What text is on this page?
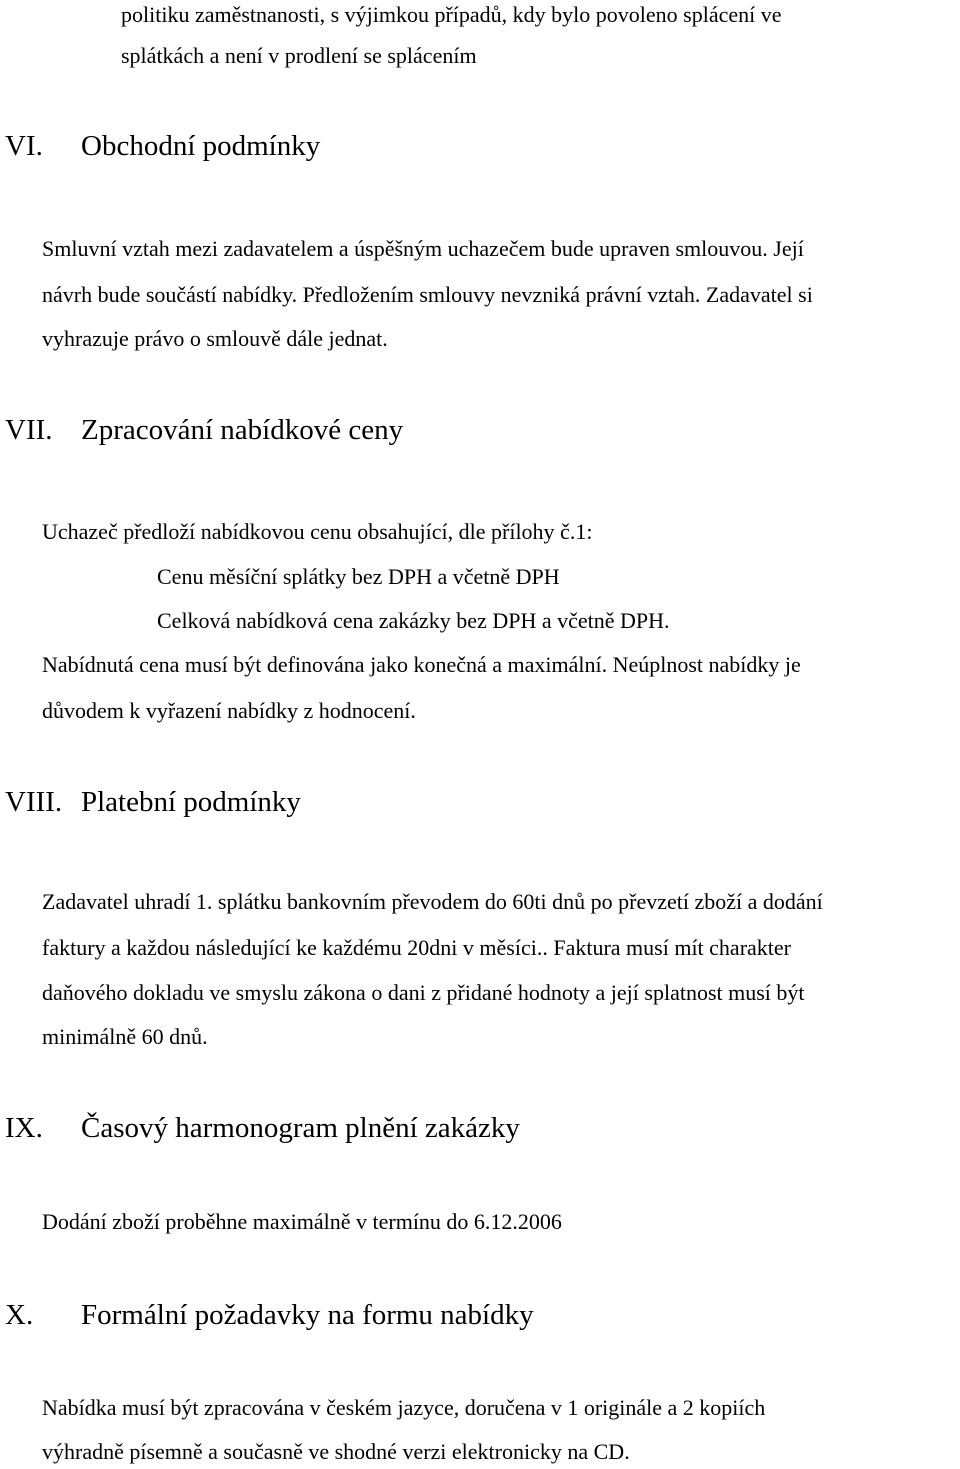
politiku zaměstnanosti, s výjimkou případů, kdy bylo povoleno splácení ve
splátkách a není v prodlení se splácením
VI. Obchodní podmínky
Smluvní vztah mezi zadavatelem a úspěšným uchazečem bude upraven smlouvou. Její
návrh bude součástí nabídky. Předložením smlouvy nevzniká právní vztah. Zadavatel si
vyhrazuje právo o smlouvě dále jednat.
VII. Zpracování nabídkové ceny
Uchazeč předloží nabídkovou cenu obsahující, dle přílohy č.1:
Cenu měsíční splátky bez DPH a včetně DPH
Celková nabídková cena zakázky bez DPH a včetně DPH.
Nabídnutá cena musí být definována jako konečná a maximální. Neúplnost nabídky je
důvodem k vyřazení nabídky z hodnocení.
VIII. Platební podmínky
Zadavatel uhradí 1. splátku bankovním převodem do 60ti dnů po převzetí zboží a dodání
faktury a každou následující ke každému 20dni v měsíci.. Faktura musí mít charakter
daňového dokladu ve smyslu zákona o dani z přidané hodnoty a její splatnost musí být
minimálně 60 dnů.
IX. Časový harmonogram plnění zakázky
Dodání zboží proběhne maximálně v termínu do 6.12.2006
X. Formální požadavky na formu nabídky
Nabídka musí být zpracována v českém jazyce, doručena v 1 originále a 2 kopiích
výhradně písemně a současně ve shodné verzi elektronicky na CD.
